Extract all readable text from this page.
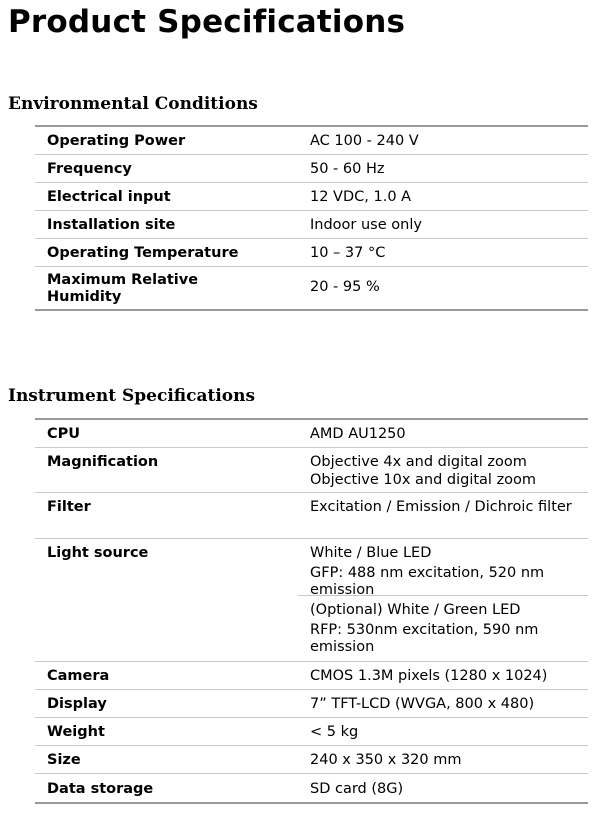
Product Specifications
Environmental Conditions
Operating Power	AC 100 - 240 V
Frequency	50 - 60 Hz
Electrical input	12 VDC, 1.0 A
Installation site	Indoor use only
Operating Temperature	10 – 37 °C
Maximum Relative Humidity	20 - 95 %
Instrument Specifications
CPU	AMD AU1250
Magnification	Objective 4x and digital zoom
Objective 10x and digital zoom

Filter	Excitation / Emission / Dichroic filter
Light source	White / Blue LED
GFP: 488 nm excitation, 520 nm emission
(Optional) White / Green LED
RFP: 530nm excitation, 590 nm emission

Camera	CMOS 1.3M pixels (1280 x 1024)
Display	7” TFT-LCD (WVGA, 800 x 480)
Weight	< 5 kg
Size	240 x 350 x 320 mm
Data storage	SD card (8G)
